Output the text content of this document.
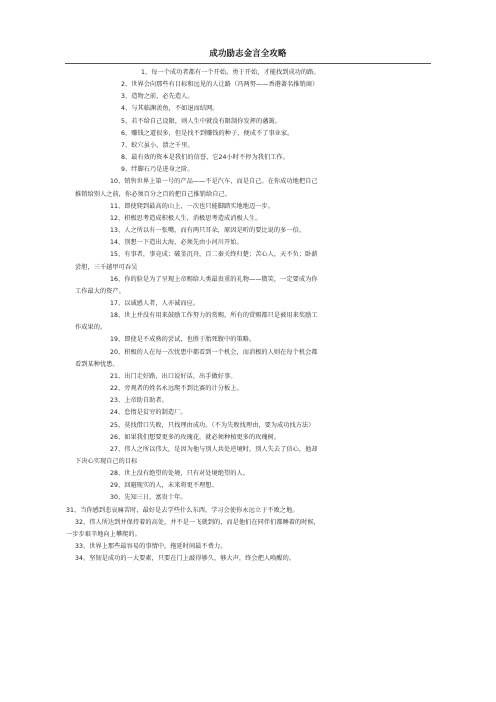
成功励志金言全攻略

1、每一个成功者都有一个开始。勇于开始，才能找到成功的路。

2、世界会向那些有目标和远见的人让路（冯两努——香港著名推销商）

3、造物之前，必先造人。

4、与其临渊羡鱼，不如退而结网。

5、若不给自己设限，则人生中就没有限制你发挥的藩篱。

6、赚钱之道很多，但是找不到赚钱的种子，便成不了事业家。

7、蚁穴虽小，溃之千里。

8、最有效的资本是我们的信誉，它24小时不停为我们工作。

9、绊脚石乃是进身之阶。

10、销售世界上第一号的产品——不是汽车，而是自己。在你成功地把自己

推销给别人之前，你必须百分之百的把自己推销给自己。

11、即使爬到最高的山上，一次也只能脚踏实地地迈一步。

12、积极思考造成积极人生，消极思考造成消极人生。

13、人之所以有一张嘴，而有两只耳朵，原因是听的要比说的多一倍。

14、别想一下造出大海，必须先由小河川开始。

15、有事者，事竟成；破釜沉舟，百二秦关终归楚；苦心人，天不负；卧薪

尝胆，三千越甲可吞吴

16、你的脸是为了呈现上帝赐给人类最贵重的礼物——微笑，一定要成为你

工作最大的资产。

17、以诚感人者，人亦诚而应。

18、世上并没有用来鼓励工作努力的赏赐，所有的赏赐都只是被用来奖励工

作成果的。

19、即使是不成熟的尝试，也胜于胎死腹中的策略。

20、积极的人在每一次忧患中都看到一个机会，而消极的人则在每个机会都

看到某种忧患。

21、出门走好路，出口说好话，出手做好事。

22、旁观者的姓名永远爬不到比赛的计分板上。

23、上帝助自助者。

24、怠惰是贫穷的制造厂。

25、莫找借口失败，只找理由成功。（不为失败找理由，要为成功找方法）

26、如果我们想要更多的玫瑰花，就必须种植更多的玫瑰树。

27、伟人之所以伟大，是因为他与别人共处逆境时，别人失去了信心，他却

下决心实现自己的目标

28、世上没有绝望的处境，只有对处境绝望的人。

29、回避现实的人，未来将更不理想。

30、先知三日，富贵十年。

31、当你感到悲哀痛苦时，最好是去学些什么东西。学习会使你永远立于不败之地。

32、伟人所达到并保持着的高处，并不是一飞就到的，而是他们在同伴们都睡着的时候，

一步步艰辛地向上攀爬的。

33、世界上那些最容易的事情中，拖延时间最不费力。

34、坚韧是成功的一大要素，只要在门上敲得够久、够大声，终会把人唤醒的。
